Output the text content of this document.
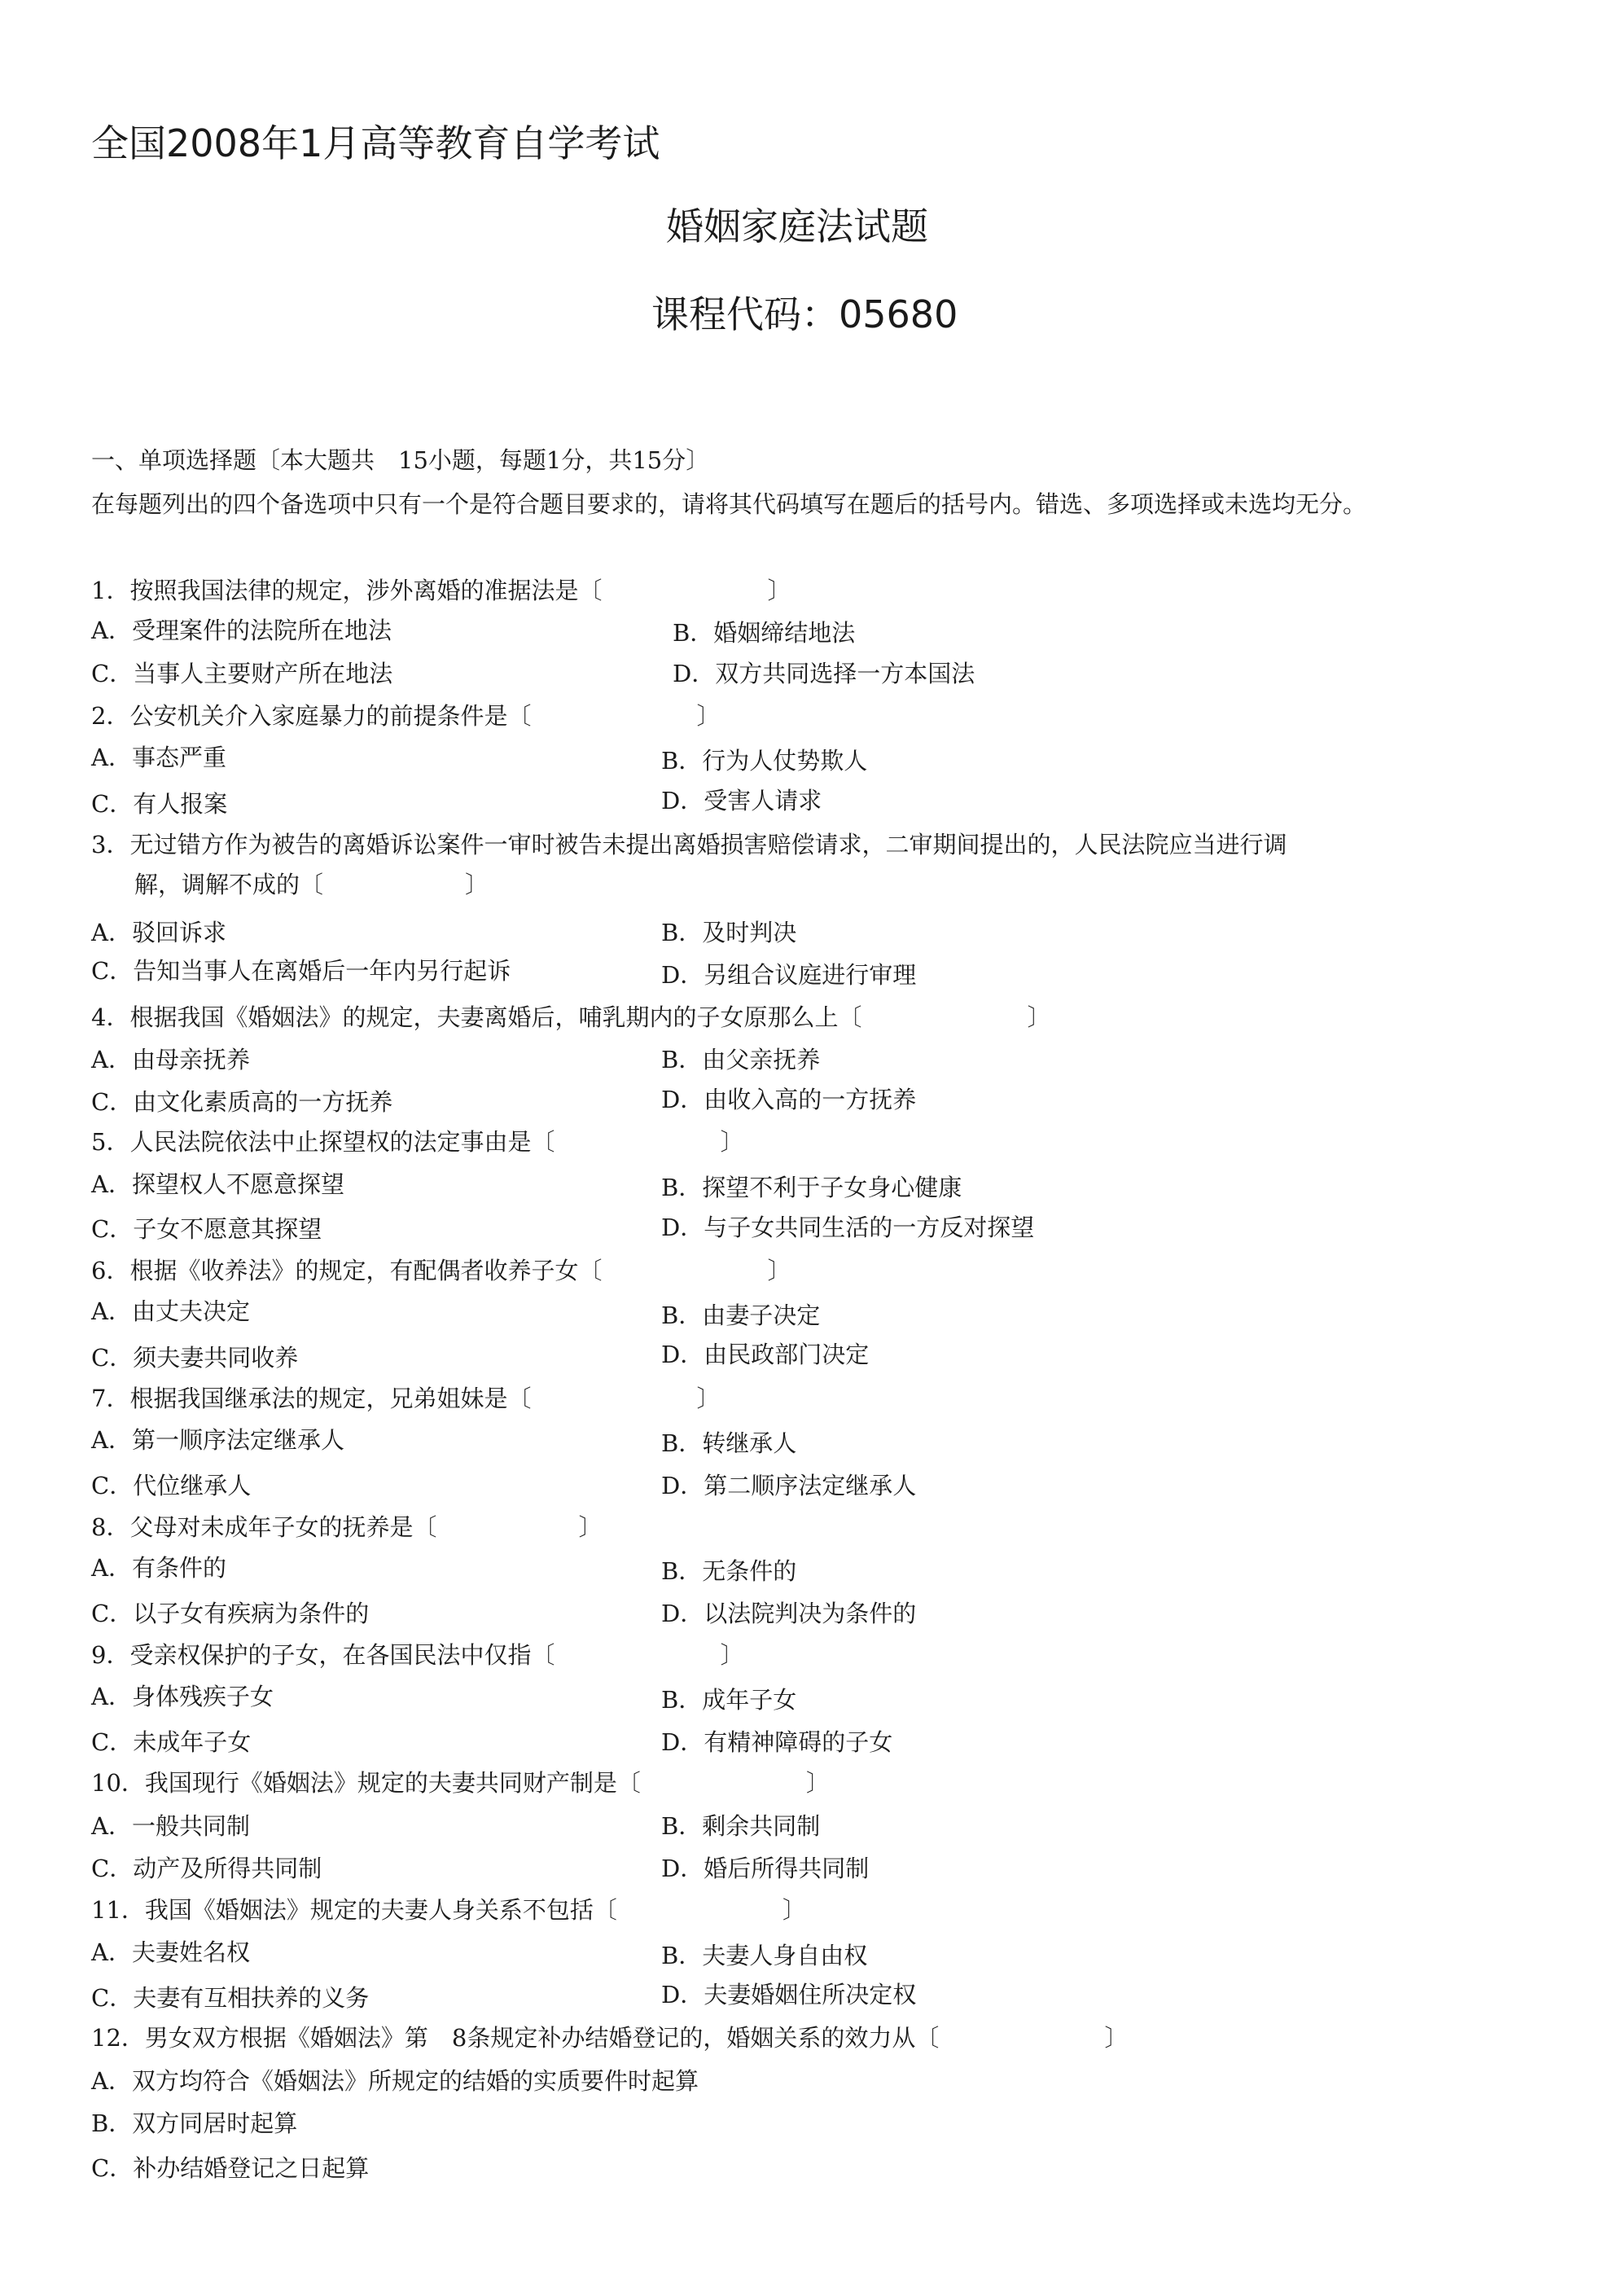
全国2008年1月高等教育自学考试
婚姻家庭法试题
课程代码：05680
一、单项选择题〔本大题共　15小题，每题1分，共15分〕
在每题列出的四个备选项中只有一个是符合题目要求的，请将其代码填写在题后的括号内。错选、多项选择或未选均无分。
1．按照我国法律的规定，涉外离婚的准据法是〔　　　　　　　〕
A．受理案件的法院所在地法	B．婚姻缔结地法
C．当事人主要财产所在地法	D．双方共同选择一方本国法
2．公安机关介入家庭暴力的前提条件是〔　　　　　　　〕
A．事态严重	B．行为人仗势欺人
C．有人报案	D．受害人请求
3．无过错方作为被告的离婚诉讼案件一审时被告未提出离婚损害赔偿请求，二审期间提出的，人民法院应当进行调
解，调解不成的〔　　　　　　〕
A．驳回诉求	B．及时判决
C．告知当事人在离婚后一年内另行起诉	D．另组合议庭进行审理
4．根据我国《婚姻法》的规定，夫妻离婚后，哺乳期内的子女原那么上〔　　　　　　　〕
A．由母亲抚养	B．由父亲抚养
C．由文化素质高的一方抚养	D．由收入高的一方抚养
5．人民法院依法中止探望权的法定事由是〔　　　　　　　〕
A．探望权人不愿意探望	B．探望不利于子女身心健康
C．子女不愿意其探望	D．与子女共同生活的一方反对探望
6．根据《收养法》的规定，有配偶者收养子女〔　　　　　　　〕
A．由丈夫决定	B．由妻子决定
C．须夫妻共同收养	D．由民政部门决定
7．根据我国继承法的规定，兄弟姐妹是〔　　　　　　　〕
A．第一顺序法定继承人	B．转继承人
C．代位继承人	D．第二顺序法定继承人
8．父母对未成年子女的抚养是〔　　　　　　〕
A．有条件的	B．无条件的
C．以子女有疾病为条件的	D．以法院判决为条件的
9．受亲权保护的子女，在各国民法中仅指〔　　　　　　　〕
A．身体残疾子女	B．成年子女
C．未成年子女	D．有精神障碍的子女
10．我国现行《婚姻法》规定的夫妻共同财产制是〔　　　　　　　〕
A．一般共同制	B．剩余共同制
C．动产及所得共同制	D．婚后所得共同制
11．我国《婚姻法》规定的夫妻人身关系不包括〔　　　　　　　〕
A．夫妻姓名权	B．夫妻人身自由权
C．夫妻有互相扶养的义务	D．夫妻婚姻住所决定权
12．男女双方根据《婚姻法》第　8条规定补办结婚登记的，婚姻关系的效力从〔　　　　　　　〕
A．双方均符合《婚姻法》所规定的结婚的实质要件时起算
B．双方同居时起算
C．补办结婚登记之日起算
